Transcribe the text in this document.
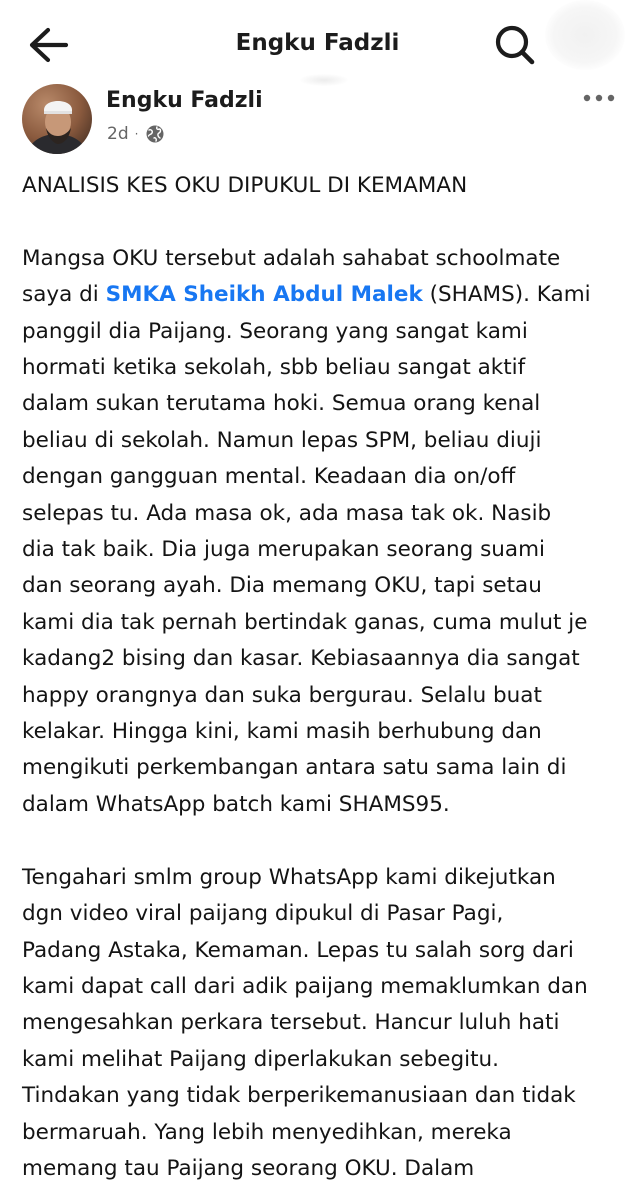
Engku Fadzli
Engku Fadzli
2d ·

ANALISIS KES OKU DIPUKUL DI KEMAMAN

Mangsa OKU tersebut adalah sahabat schoolmate

saya di SMKA Sheikh Abdul Malek (SHAMS). Kami

panggil dia Paijang. Seorang yang sangat kami

hormati ketika sekolah, sbb beliau sangat aktif

dalam sukan terutama hoki. Semua orang kenal

beliau di sekolah. Namun lepas SPM, beliau diuji

dengan gangguan mental. Keadaan dia on/off

selepas tu. Ada masa ok, ada masa tak ok. Nasib

dia tak baik. Dia juga merupakan seorang suami

dan seorang ayah. Dia memang OKU, tapi setau

kami dia tak pernah bertindak ganas, cuma mulut je

kadang2 bising dan kasar. Kebiasaannya dia sangat

happy orangnya dan suka bergurau. Selalu buat

kelakar. Hingga kini, kami masih berhubung dan

mengikuti perkembangan antara satu sama lain di

dalam WhatsApp batch kami SHAMS95.

Tengahari smlm group WhatsApp kami dikejutkan

dgn video viral paijang dipukul di Pasar Pagi,

Padang Astaka, Kemaman. Lepas tu salah sorg dari

kami dapat call dari adik paijang memaklumkan dan

mengesahkan perkara tersebut. Hancur luluh hati

kami melihat Paijang diperlakukan sebegitu.

Tindakan yang tidak berperikemanusiaan dan tidak

bermaruah. Yang lebih menyedihkan, mereka

memang tau Paijang seorang OKU. Dalam
